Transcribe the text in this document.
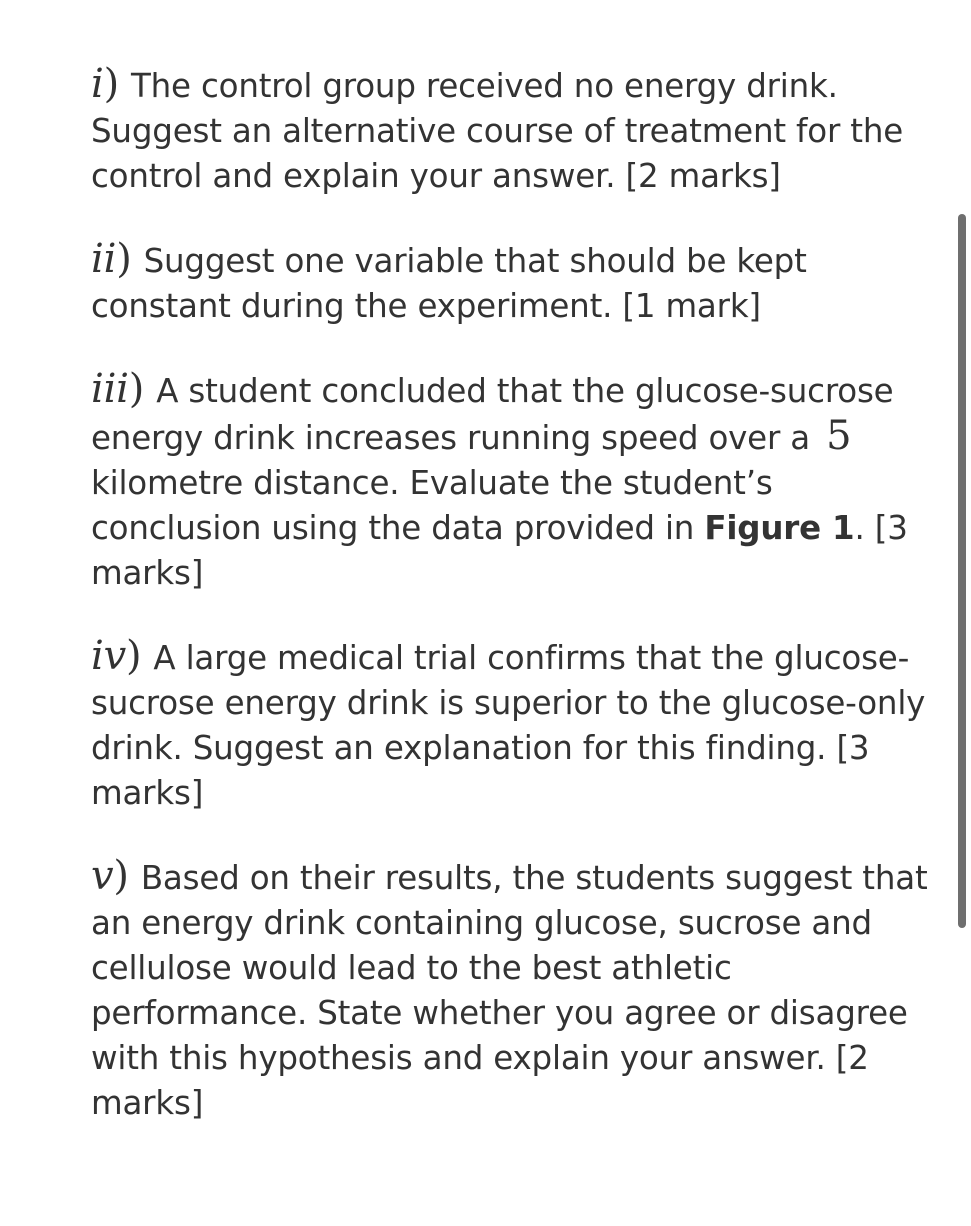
i) The control group received no energy drink. Suggest an alternative course of treatment for the control and explain your answer. [2 marks]

ii) Suggest one variable that should be kept constant during the experiment. [1 mark]

iii) A student concluded that the glucose-sucrose energy drink increases running speed over a 5 kilometre distance. Evaluate the student’s conclusion using the data provided in Figure 1. [3 marks]

iv) A large medical trial confirms that the glucose-sucrose energy drink is superior to the glucose-only drink. Suggest an explanation for this finding. [3 marks]

v) Based on their results, the students suggest that an energy drink containing glucose, sucrose and cellulose would lead to the best athletic performance. State whether you agree or disagree with this hypothesis and explain your answer. [2 marks]
